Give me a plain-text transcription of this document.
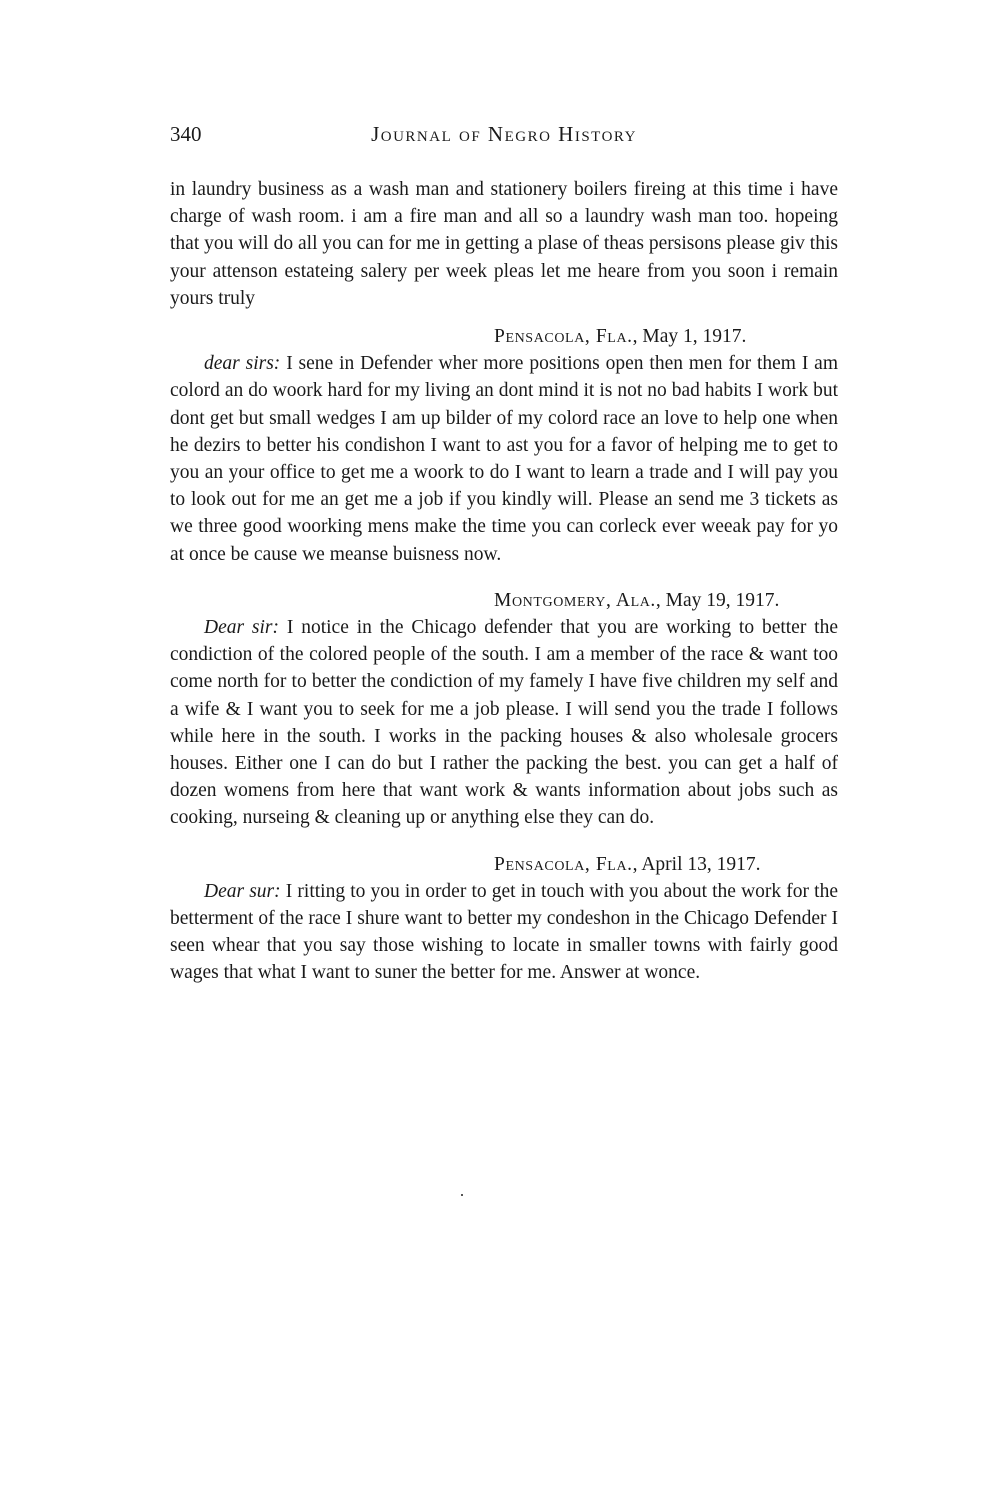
340	Journal of Negro History

in laundry business as a wash man and stationery boilers fireing at this time i have charge of wash room. i am a fire man and all so a laundry wash man too. hopeing that you will do all you can for me in getting a plase of theas persisons please giv this your attenson estateing salery per week pleas let me heare from you soon i remain yours truly

Pensacola, Fla., May 1, 1917.

dear sirs: I sene in Defender wher more positions open then men for them I am colord an do woork hard for my living an dont mind it is not no bad habits I work but dont get but small wedges I am up bilder of my colord race an love to help one when he dezirs to better his condishon I want to ast you for a favor of helping me to get to you an your office to get me a woork to do I want to learn a trade and I will pay you to look out for me an get me a job if you kindly will. Please an send me 3 tickets as we three good woorking mens make the time you can corleck ever weeak pay for yo at once be cause we meanse buisness now.

Montgomery, Ala., May 19, 1917.

Dear sir: I notice in the Chicago defender that you are working to better the condiction of the colored people of the south. I am a member of the race & want too come north for to better the condiction of my famely I have five children my self and a wife & I want you to seek for me a job please. I will send you the trade I follows while here in the south. I works in the packing houses & also wholesale grocers houses. Either one I can do but I rather the packing the best. you can get a half of dozen womens from here that want work & wants information about jobs such as cooking, nurseing & cleaning up or anything else they can do.

Pensacola, Fla., April 13, 1917.

Dear sur: I ritting to you in order to get in touch with you about the work for the betterment of the race I shure want to better my condeshon in the Chicago Defender I seen whear that you say those wishing to locate in smaller towns with fairly good wages that what I want to suner the better for me. Answer at wonce.
